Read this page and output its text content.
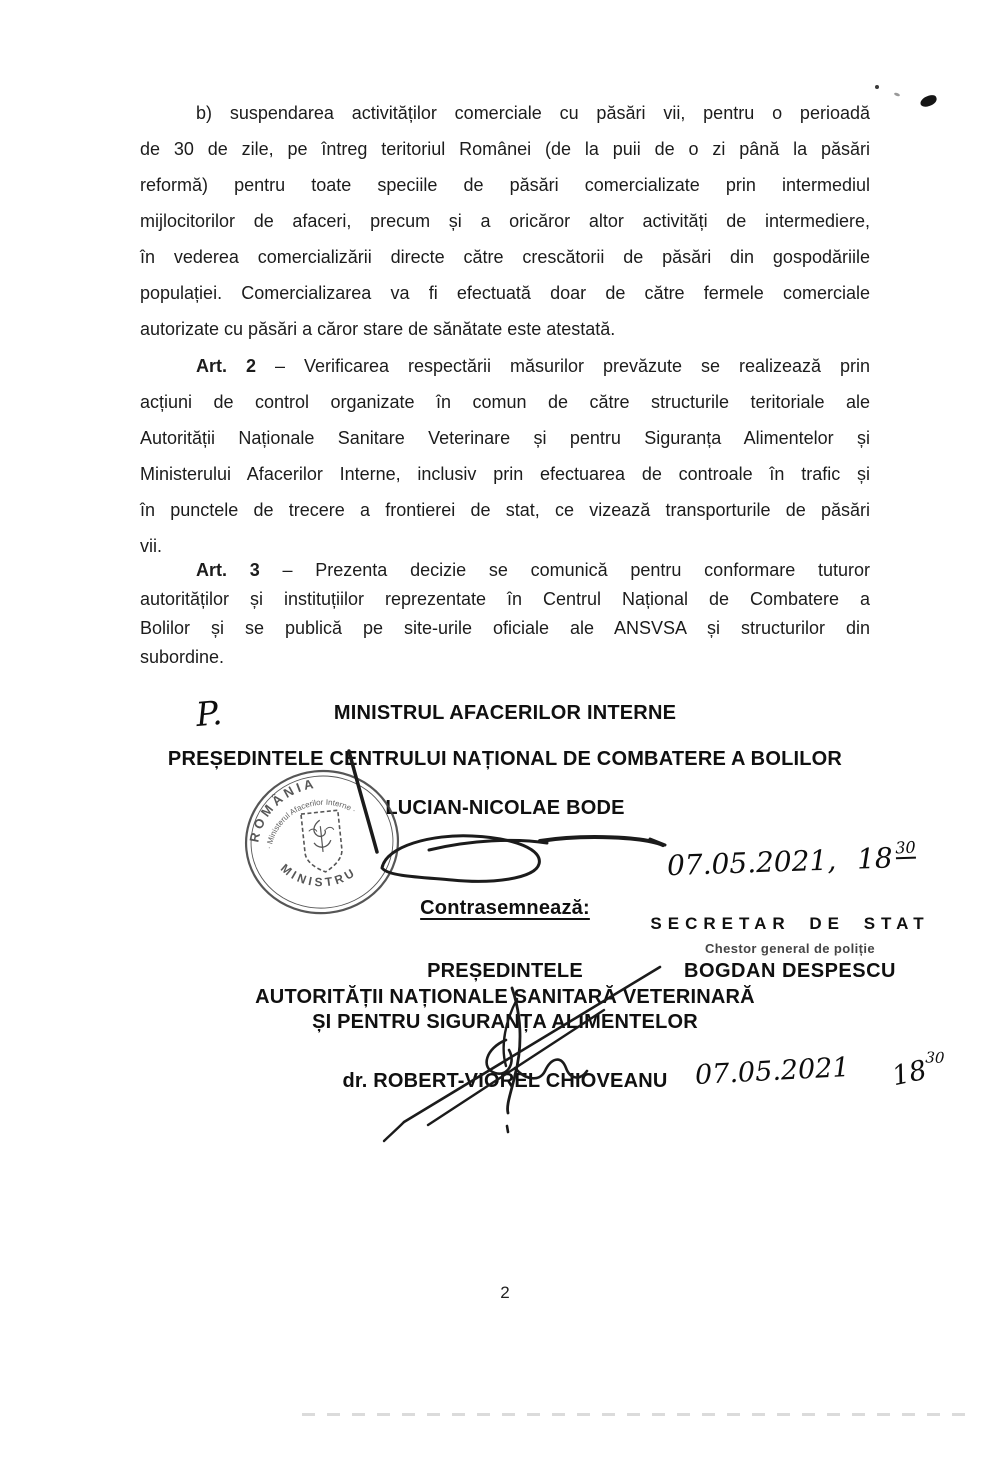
b) suspendarea activităților comerciale cu păsări vii, pentru o perioadă
de 30 de zile, pe întreg teritoriul Românei (de la puii de o zi până la păsări
reformă) pentru toate speciile de păsări comercializate prin intermediul
mijlocitorilor de afaceri, precum și a oricăror altor activități de intermediere,
în vederea comercializării directe către crescătorii de păsări din gospodăriile
populației. Comercializarea va fi efectuată doar de către fermele comerciale
autorizate cu păsări a căror stare de sănătate este atestată.
Art. 2 – Verificarea respectării măsurilor prevăzute se realizează prin
acțiuni de control organizate în comun de către structurile teritoriale ale
Autorității Naționale Sanitare Veterinare și pentru Siguranța Alimentelor și
Ministerului Afacerilor Interne, inclusiv prin efectuarea de controale în trafic și
în punctele de trecere a frontierei de stat, ce vizează transporturile de păsări
vii.
Art. 3 – Prezenta decizie se comunică pentru conformare tuturor
autorităților și instituțiilor reprezentate în Centrul Național de Combatere a
Bolilor și se publică pe site-urile oficiale ale ANSVSA și structurilor din
subordine.
P.	MINISTRUL AFACERILOR INTERNE
PREȘEDINTELE CENTRULUI NAȚIONAL DE COMBATERE A BOLILOR
LUCIAN-NICOLAE BODE
R O M Â N I A
· Ministerul Afacerilor Interne ·
M I N I S T R U	07.05.2021, 18 $^{30}$
Contrasemnează:
SECRETAR DE STAT
Chestor general de poliție
BOGDAN DESPESCU
PREȘEDINTELE
AUTORITĂȚII NAȚIONALE SANITARĂ VETERINARĂ
ȘI PENTRU SIGURANȚA ALIMENTELOR
dr. ROBERT-VIOREL CHIOVEANU 07.05.2021 $18^{30}$
2
